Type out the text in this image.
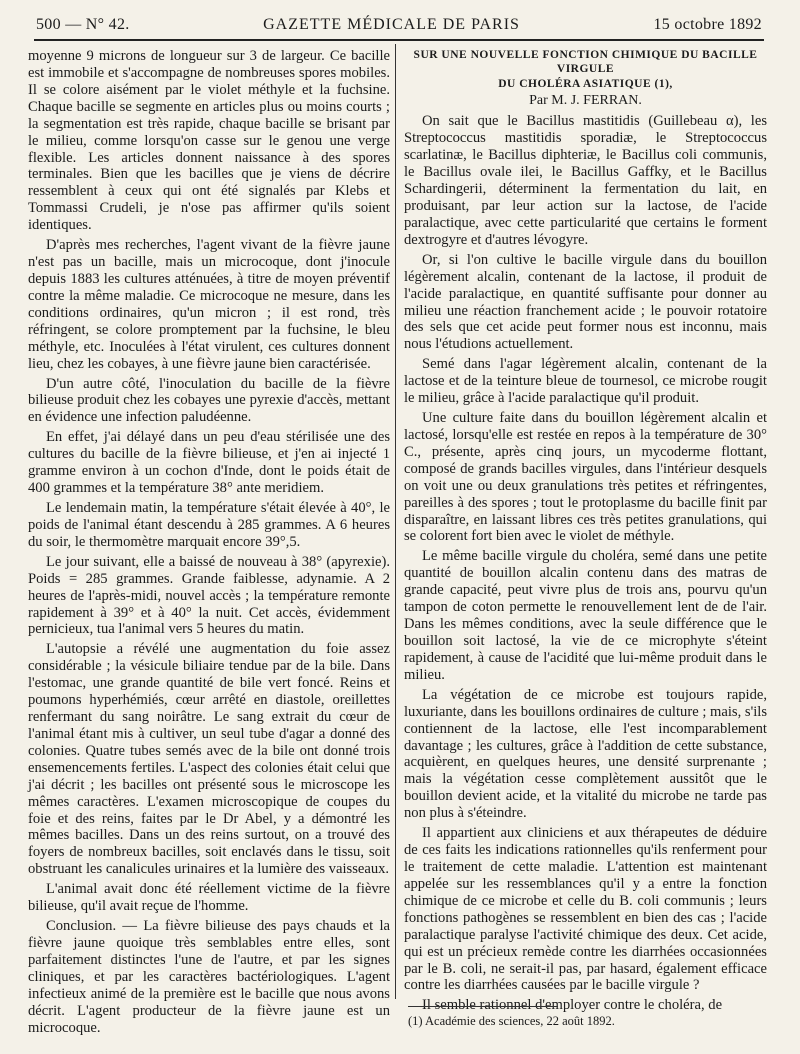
500 — N° 42.	GAZETTE MÉDICALE DE PARIS	15 octobre 1892

moyenne 9 microns de longueur sur 3 de largeur. Ce bacille est immobile et s'accompagne de nombreuses spores mobiles. Il se colore aisément par le violet méthyle et la fuchsine. Chaque bacille se segmente en articles plus ou moins courts ; la segmentation est très rapide, chaque bacille se brisant par le milieu, comme lorsqu'on casse sur le genou une verge flexible. Les articles donnent naissance à des spores terminales. Bien que les bacilles que je viens de décrire ressemblent à ceux qui ont été signalés par Klebs et Tommassi Crudeli, je n'ose pas affirmer qu'ils soient identiques.

D'après mes recherches, l'agent vivant de la fièvre jaune n'est pas un bacille, mais un microcoque, dont j'inocule depuis 1883 les cultures atténuées, à titre de moyen préventif contre la même maladie. Ce microcoque ne mesure, dans les conditions ordinaires, qu'un micron ; il est rond, très réfringent, se colore promptement par la fuchsine, le bleu méthyle, etc. Inoculées à l'état virulent, ces cultures donnent lieu, chez les cobayes, à une fièvre jaune bien caractérisée.

D'un autre côté, l'inoculation du bacille de la fièvre bilieuse produit chez les cobayes une pyrexie d'accès, mettant en évidence une infection paludéenne.

En effet, j'ai délayé dans un peu d'eau stérilisée une des cultures du bacille de la fièvre bilieuse, et j'en ai injecté 1 gramme environ à un cochon d'Inde, dont le poids était de 400 grammes et la température 38° ante meridiem.

Le lendemain matin, la température s'était élevée à 40°, le poids de l'animal étant descendu à 285 grammes. A 6 heures du soir, le thermomètre marquait encore 39°,5.

Le jour suivant, elle a baissé de nouveau à 38° (apyrexie). Poids = 285 grammes. Grande faiblesse, adynamie. A 2 heures de l'après-midi, nouvel accès ; la température remonte rapidement à 39° et à 40° la nuit. Cet accès, évidemment pernicieux, tua l'animal vers 5 heures du matin.

L'autopsie a révélé une augmentation du foie assez considérable ; la vésicule biliaire tendue par de la bile. Dans l'estomac, une grande quantité de bile vert foncé. Reins et poumons hyperhémiés, cœur arrêté en diastole, oreillettes renfermant du sang noirâtre. Le sang extrait du cœur de l'animal étant mis à cultiver, un seul tube d'agar a donné des colonies. Quatre tubes semés avec de la bile ont donné trois ensemencements fertiles. L'aspect des colonies était celui que j'ai décrit ; les bacilles ont présenté sous le microscope les mêmes caractères. L'examen microscopique de coupes du foie et des reins, faites par le Dr Abel, y a démontré les mêmes bacilles. Dans un des reins surtout, on a trouvé des foyers de nombreux bacilles, soit enclavés dans le tissu, soit obstruant les canalicules urinaires et la lumière des vaisseaux.

L'animal avait donc été réellement victime de la fièvre bilieuse, qu'il avait reçue de l'homme.

Conclusion. — La fièvre bilieuse des pays chauds et la fièvre jaune quoique très semblables entre elles, sont parfaitement distinctes l'une de l'autre, et par les signes cliniques, et par les caractères bactériologiques. L'agent infectieux animé de la première est le bacille que nous avons décrit. L'agent producteur de la fièvre jaune est un microcoque.

SUR UNE NOUVELLE FONCTION CHIMIQUE DU BACILLE VIRGULE
DU CHOLÉRA ASIATIQUE (1),
Par M. J. FERRAN.

On sait que le Bacillus mastitidis (Guillebeau α), les Streptococcus mastitidis sporadiæ, le Streptococcus scarlatinæ, le Bacillus diphteriæ, le Bacillus coli communis, le Bacillus ovale ilei, le Bacillus Gaffky, et le Bacillus Schardingerii, déterminent la fermentation du lait, en produisant, par leur action sur la lactose, de l'acide paralactique, avec cette particularité que certains le forment dextrogyre et d'autres lévogyre.

Or, si l'on cultive le bacille virgule dans du bouillon légèrement alcalin, contenant de la lactose, il produit de l'acide paralactique, en quantité suffisante pour donner au milieu une réaction franchement acide ; le pouvoir rotatoire des sels que cet acide peut former nous est inconnu, mais nous l'étudions actuellement.

Semé dans l'agar légèrement alcalin, contenant de la lactose et de la teinture bleue de tournesol, ce microbe rougit le milieu, grâce à l'acide paralactique qu'il produit.

Une culture faite dans du bouillon légèrement alcalin et lactosé, lorsqu'elle est restée en repos à la température de 30° C., présente, après cinq jours, un mycoderme flottant, composé de grands bacilles virgules, dans l'intérieur desquels on voit une ou deux granulations très petites et réfringentes, pareilles à des spores ; tout le protoplasme du bacille finit par disparaître, en laissant libres ces très petites granulations, qui se colorent fort bien avec le violet de méthyle.

Le même bacille virgule du choléra, semé dans une petite quantité de bouillon alcalin contenu dans des matras de grande capacité, peut vivre plus de trois ans, pourvu qu'un tampon de coton permette le renouvellement lent de de l'air. Dans les mêmes conditions, avec la seule différence que le bouillon soit lactosé, la vie de ce microphyte s'éteint rapidement, à cause de l'acidité que lui-même produit dans le milieu.

La végétation de ce microbe est toujours rapide, luxuriante, dans les bouillons ordinaires de culture ; mais, s'ils contiennent de la lactose, elle l'est incomparablement davantage ; les cultures, grâce à l'addition de cette substance, acquièrent, en quelques heures, une densité surprenante ; mais la végétation cesse complètement aussitôt que le bouillon devient acide, et la vitalité du microbe ne tarde pas non plus à s'éteindre.

Il appartient aux cliniciens et aux thérapeutes de déduire de ces faits les indications rationnelles qu'ils renferment pour le traitement de cette maladie. L'attention est maintenant appelée sur les ressemblances qu'il y a entre la fonction chimique de ce microbe et celle du B. coli communis ; leurs fonctions pathogènes se ressemblent en bien des cas ; l'acide paralactique paralyse l'activité chimique des deux. Cet acide, qui est un précieux remède contre les diarrhées occasionnées par le B. coli, ne serait-il pas, par hasard, également efficace contre les diarrhées causées par le bacille virgule ?

Il semble rationnel d'employer contre le choléra, de

(1) Académie des sciences, 22 août 1892.
